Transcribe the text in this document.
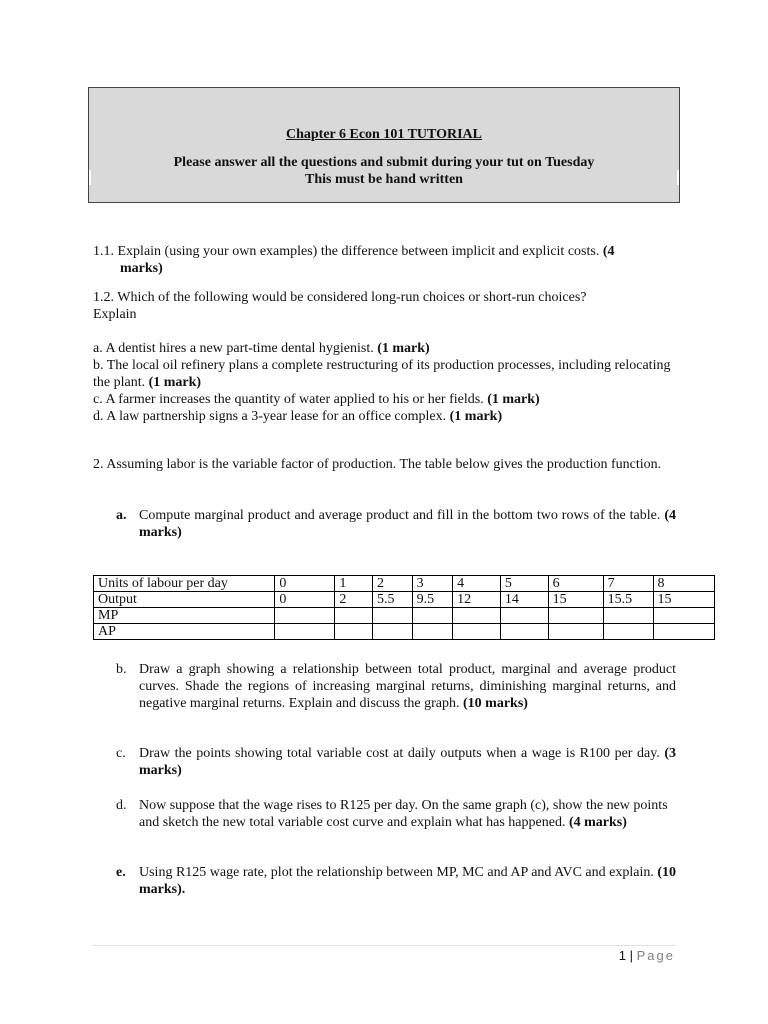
Chapter 6 Econ 101 TUTORIAL
Please answer all the questions and submit during your tut on Tuesday
This must be hand written
1.1. Explain (using your own examples) the difference between implicit and explicit costs. (4
marks)
1.2. Which of the following would be considered long-run choices or short-run choices?
Explain
a. A dentist hires a new part-time dental hygienist. (1 mark)
b. The local oil refinery plans a complete restructuring of its production processes, including relocating the plant. (1 mark)
c. A farmer increases the quantity of water applied to his or her fields. (1 mark)
d. A law partnership signs a 3-year lease for an office complex. (1 mark)
2. Assuming labor is the variable factor of production. The table below gives the production function.
a. Compute marginal product and average product and fill in the bottom two rows of the table. (4 marks)
Units of labour per day	0	1	2	3	4	5	6	7	8
Output	0	2	5.5	9.5	12	14	15	15.5	15
MP									
AP									
b. Draw a graph showing a relationship between total product, marginal and average product curves. Shade the regions of increasing marginal returns, diminishing marginal returns, and negative marginal returns. Explain and discuss the graph. (10 marks)
c. Draw the points showing total variable cost at daily outputs when a wage is R100 per day. (3 marks)
d. Now suppose that the wage rises to R125 per day. On the same graph (c), show the new points and sketch the new total variable cost curve and explain what has happened. (4 marks)
e. Using R125 wage rate, plot the relationship between MP, MC and AP and AVC and explain. (10 marks).
1 | Page
